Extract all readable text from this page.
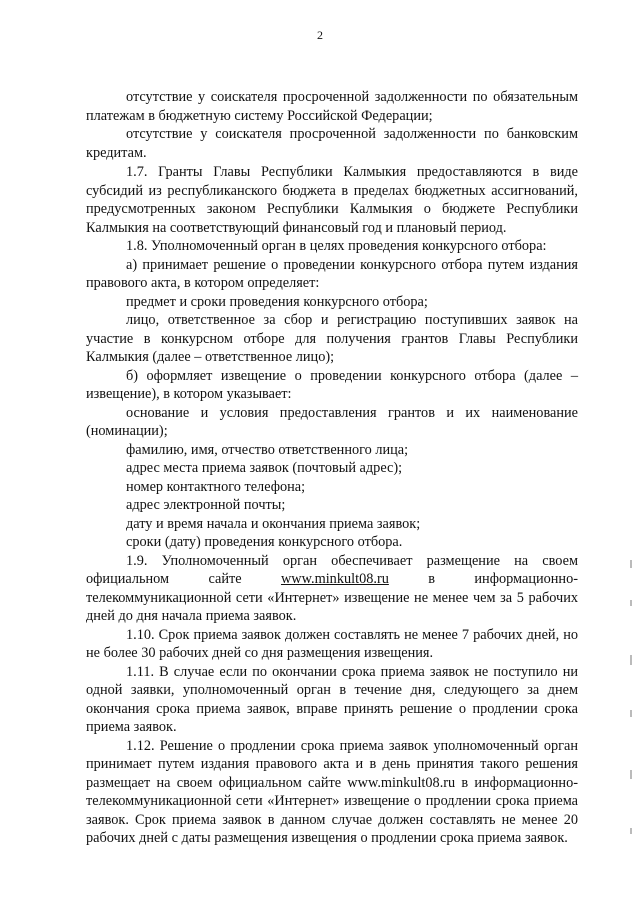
2

отсутствие у соискателя просроченной задолженности по обязательным платежам в бюджетную систему Российской Федерации;

отсутствие у соискателя просроченной задолженности по банковским кредитам.

1.7. Гранты Главы Республики Калмыкия предоставляются в виде субсидий из республиканского бюджета в пределах бюджетных ассигнований, предусмотренных законом Республики Калмыкия о бюджете Республики Калмыкия на соответствующий финансовый год и плановый период.

1.8. Уполномоченный орган в целях проведения конкурсного отбора:

а) принимает решение о проведении конкурсного отбора путем издания правового акта, в котором определяет:

предмет и сроки проведения конкурсного отбора;

лицо, ответственное за сбор и регистрацию поступивших заявок на участие в конкурсном отборе для получения грантов Главы Республики Калмыкия (далее – ответственное лицо);

б) оформляет извещение о проведении конкурсного отбора (далее – извещение), в котором указывает:

основание и условия предоставления грантов и их наименование (номинации);

фамилию, имя, отчество ответственного лица;

адрес места приема заявок (почтовый адрес);

номер контактного телефона;

адрес электронной почты;

дату и время начала и окончания приема заявок;

сроки (дату) проведения конкурсного отбора.

1.9. Уполномоченный орган обеспечивает размещение на своем официальном сайте www.minkult08.ru в информационно-телекоммуникационной сети «Интернет» извещение не менее чем за 5 рабочих дней до дня начала приема заявок.

1.10. Срок приема заявок должен составлять не менее 7 рабочих дней, но не более 30 рабочих дней со дня размещения извещения.

1.11. В случае если по окончании срока приема заявок не поступило ни одной заявки, уполномоченный орган в течение дня, следующего за днем окончания срока приема заявок, вправе принять решение о продлении срока приема заявок.

1.12. Решение о продлении срока приема заявок уполномоченный орган принимает путем издания правового акта и в день принятия такого решения размещает на своем официальном сайте www.minkult08.ru в информационно-телекоммуникационной сети «Интернет» извещение о продлении срока приема заявок. Срок приема заявок в данном случае должен составлять не менее 20 рабочих дней с даты размещения извещения о продлении срока приема заявок.
